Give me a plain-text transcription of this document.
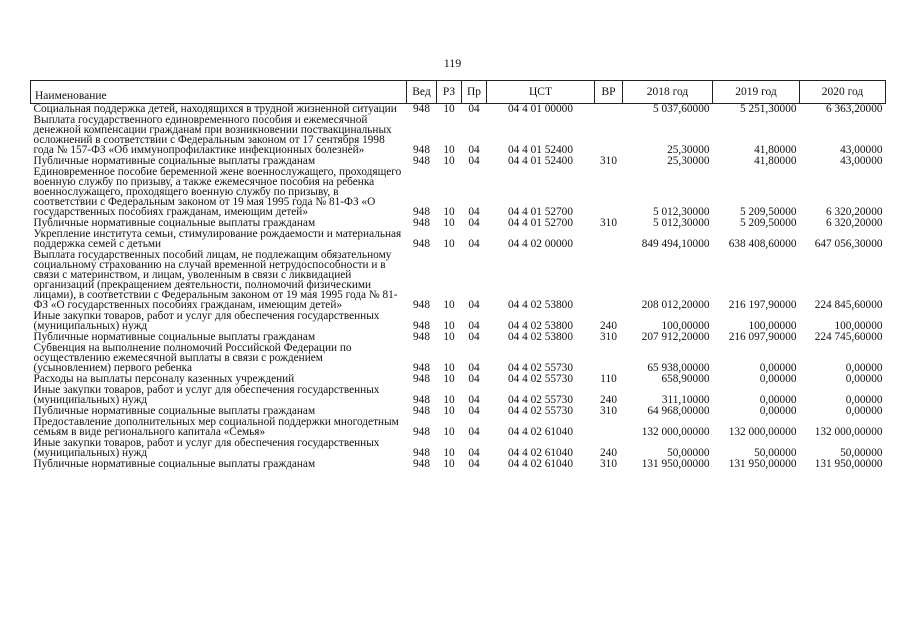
119
Наименование	Вед	РЗ	Пр	ЦСТ	ВР	2018 год	2019 год	2020 год
Социальная поддержка детей, находящихся в трудной жизненной ситуации	948	10	04	04 4 01 00000		5 037,60000	5 251,30000	6 363,20000
Выплата государственного единовременного пособия и ежемесячной денежной компенсации гражданам при возникновении поствакцинальных осложнений в соответствии с Федеральным законом от 17 сентября 1998 года № 157-ФЗ «Об иммунопрофилактике инфекционных болезней»	948	10	04	04 4 01 52400		25,30000	41,80000	43,00000
Публичные нормативные социальные выплаты гражданам	948	10	04	04 4 01 52400	310	25,30000	41,80000	43,00000
Единовременное пособие беременной жене военнослужащего, проходящего военную службу по призыву, а также ежемесячное пособия на ребенка военнослужащего, проходящего военную службу по призыву, в соответствии с Федеральным законом от 19 мая 1995 года № 81-ФЗ «О государственных пособиях гражданам, имеющим детей»	948	10	04	04 4 01 52700		5 012,30000	5 209,50000	6 320,20000
Публичные нормативные социальные выплаты гражданам	948	10	04	04 4 01 52700	310	5 012,30000	5 209,50000	6 320,20000
Укрепление института семьи, стимулирование рождаемости и материальная поддержка семей с детьми	948	10	04	04 4 02 00000		849 494,10000	638 408,60000	647 056,30000
Выплата государственных пособий лицам, не подлежащим обязательному социальному страхованию на случай временной нетрудоспособности и в связи с материнством, и лицам, уволенным в связи с ликвидацией организаций (прекращением деятельности, полномочий физическими лицами), в соответствии с Федеральным законом от 19 мая 1995 года № 81-ФЗ «О государственных пособиях гражданам, имеющим детей»	948	10	04	04 4 02 53800		208 012,20000	216 197,90000	224 845,60000
Иные закупки товаров, работ и услуг для обеспечения государственных (муниципальных) нужд	948	10	04	04 4 02 53800	240	100,00000	100,00000	100,00000
Публичные нормативные социальные выплаты гражданам	948	10	04	04 4 02 53800	310	207 912,20000	216 097,90000	224 745,60000
Субвенция на выполнение полномочий Российской Федерации по осуществлению ежемесячной выплаты в связи с рождением (усыновлением) первого ребенка	948	10	04	04 4 02 55730		65 938,00000	0,00000	0,00000
Расходы на выплаты персоналу казенных учреждений	948	10	04	04 4 02 55730	110	658,90000	0,00000	0,00000
Иные закупки товаров, работ и услуг для обеспечения государственных (муниципальных) нужд	948	10	04	04 4 02 55730	240	311,10000	0,00000	0,00000
Публичные нормативные социальные выплаты гражданам	948	10	04	04 4 02 55730	310	64 968,00000	0,00000	0,00000
Предоставление дополнительных мер социальной поддержки многодетным семьям в виде регионального капитала «Семья»	948	10	04	04 4 02 61040		132 000,00000	132 000,00000	132 000,00000
Иные закупки товаров, работ и услуг для обеспечения государственных (муниципальных) нужд	948	10	04	04 4 02 61040	240	50,00000	50,00000	50,00000
Публичные нормативные социальные выплаты гражданам	948	10	04	04 4 02 61040	310	131 950,00000	131 950,00000	131 950,00000
